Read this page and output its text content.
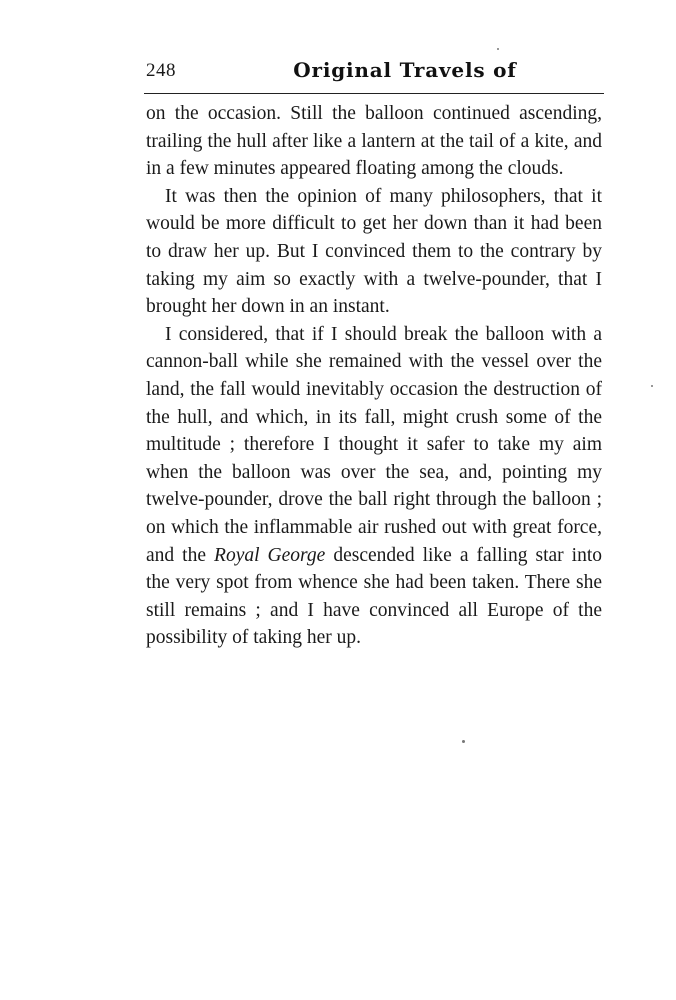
248	Original Travels of

on the occasion. Still the balloon continued ascending, trailing the hull after like a lantern at the tail of a kite, and in a few minutes appeared floating among the clouds.

It was then the opinion of many philosophers, that it would be more difficult to get her down than it had been to draw her up. But I convinced them to the contrary by taking my aim so exactly with a twelve-pounder, that I brought her down in an instant.

I considered, that if I should break the balloon with a cannon-ball while she remained with the vessel over the land, the fall would inevitably occasion the destruction of the hull, and which, in its fall, might crush some of the multitude ; therefore I thought it safer to take my aim when the balloon was over the sea, and, pointing my twelve-pounder, drove the ball right through the balloon ; on which the inflammable air rushed out with great force, and the Royal George descended like a falling star into the very spot from whence she had been taken. There she still remains ; and I have convinced all Europe of the possibility of taking her up.
